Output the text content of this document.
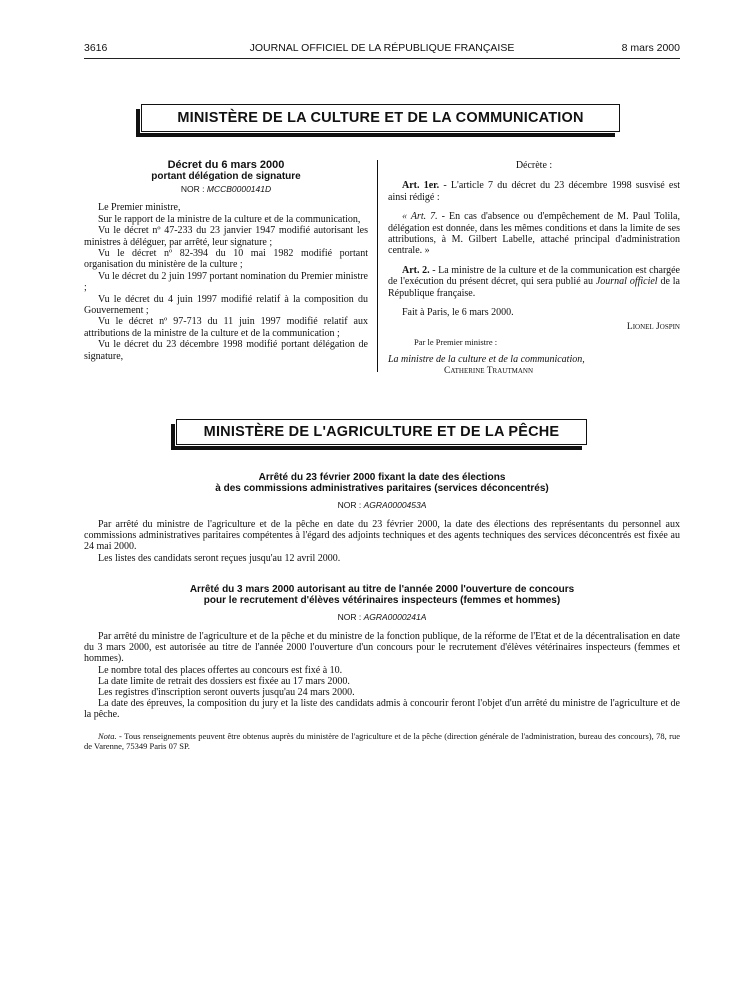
3616	JOURNAL OFFICIEL DE LA RÉPUBLIQUE FRANÇAISE	8 mars 2000
MINISTÈRE DE LA CULTURE ET DE LA COMMUNICATION
Décret du 6 mars 2000
portant délégation de signature
NOR : MCCB0000141D

Le Premier ministre,

Sur le rapport de la ministre de la culture et de la communication,

Vu le décret nº 47-233 du 23 janvier 1947 modifié autorisant les ministres à déléguer, par arrêté, leur signature ;

Vu le décret nº 82-394 du 10 mai 1982 modifié portant organisation du ministère de la culture ;

Vu le décret du 2 juin 1997 portant nomination du Premier ministre ;

Vu le décret du 4 juin 1997 modifié relatif à la composition du Gouvernement ;

Vu le décret nº 97-713 du 11 juin 1997 modifié relatif aux attributions de la ministre de la culture et de la communication ;

Vu le décret du 23 décembre 1998 modifié portant délégation de signature,

Décrète :

Art. 1er. - L'article 7 du décret du 23 décembre 1998 susvisé est ainsi rédigé :

« Art. 7. - En cas d'absence ou d'empêchement de M. Paul Tolila, délégation est donnée, dans les mêmes conditions et dans la limite de ses attributions, à M. Gilbert Labelle, attaché principal d'administration centrale. »

Art. 2. - La ministre de la culture et de la communication est chargée de l'exécution du présent décret, qui sera publié au Journal officiel de la République française.

Fait à Paris, le 6 mars 2000.

Lionel Jospin
Par le Premier ministre :
La ministre de la culture et de la communication,
Catherine Trautmann
MINISTÈRE DE L'AGRICULTURE ET DE LA PÊCHE
Arrêté du 23 février 2000 fixant la date des élections
à des commissions administratives paritaires (services déconcentrés)
NOR : AGRA0000453A

Par arrêté du ministre de l'agriculture et de la pêche en date du 23 février 2000, la date des élections des représentants du personnel aux commissions administratives paritaires compétentes à l'égard des adjoints techniques et des agents techniques des services déconcentrés est fixée au 24 mai 2000.

Les listes des candidats seront reçues jusqu'au 12 avril 2000.

Arrêté du 3 mars 2000 autorisant au titre de l'année 2000 l'ouverture de concours
pour le recrutement d'élèves vétérinaires inspecteurs (femmes et hommes)
NOR : AGRA0000241A

Par arrêté du ministre de l'agriculture et de la pêche et du ministre de la fonction publique, de la réforme de l'Etat et de la décentralisation en date du 3 mars 2000, est autorisée au titre de l'année 2000 l'ouverture d'un concours pour le recrutement d'élèves vétérinaires inspecteurs (femmes et hommes).

Le nombre total des places offertes au concours est fixé à 10.

La date limite de retrait des dossiers est fixée au 17 mars 2000.

Les registres d'inscription seront ouverts jusqu'au 24 mars 2000.

La date des épreuves, la composition du jury et la liste des candidats admis à concourir feront l'objet d'un arrêté du ministre de l'agriculture et de la pêche.

Nota. - Tous renseignements peuvent être obtenus auprès du ministère de l'agriculture et de la pêche (direction générale de l'administration, bureau des concours), 78, rue de Varenne, 75349 Paris 07 SP.
